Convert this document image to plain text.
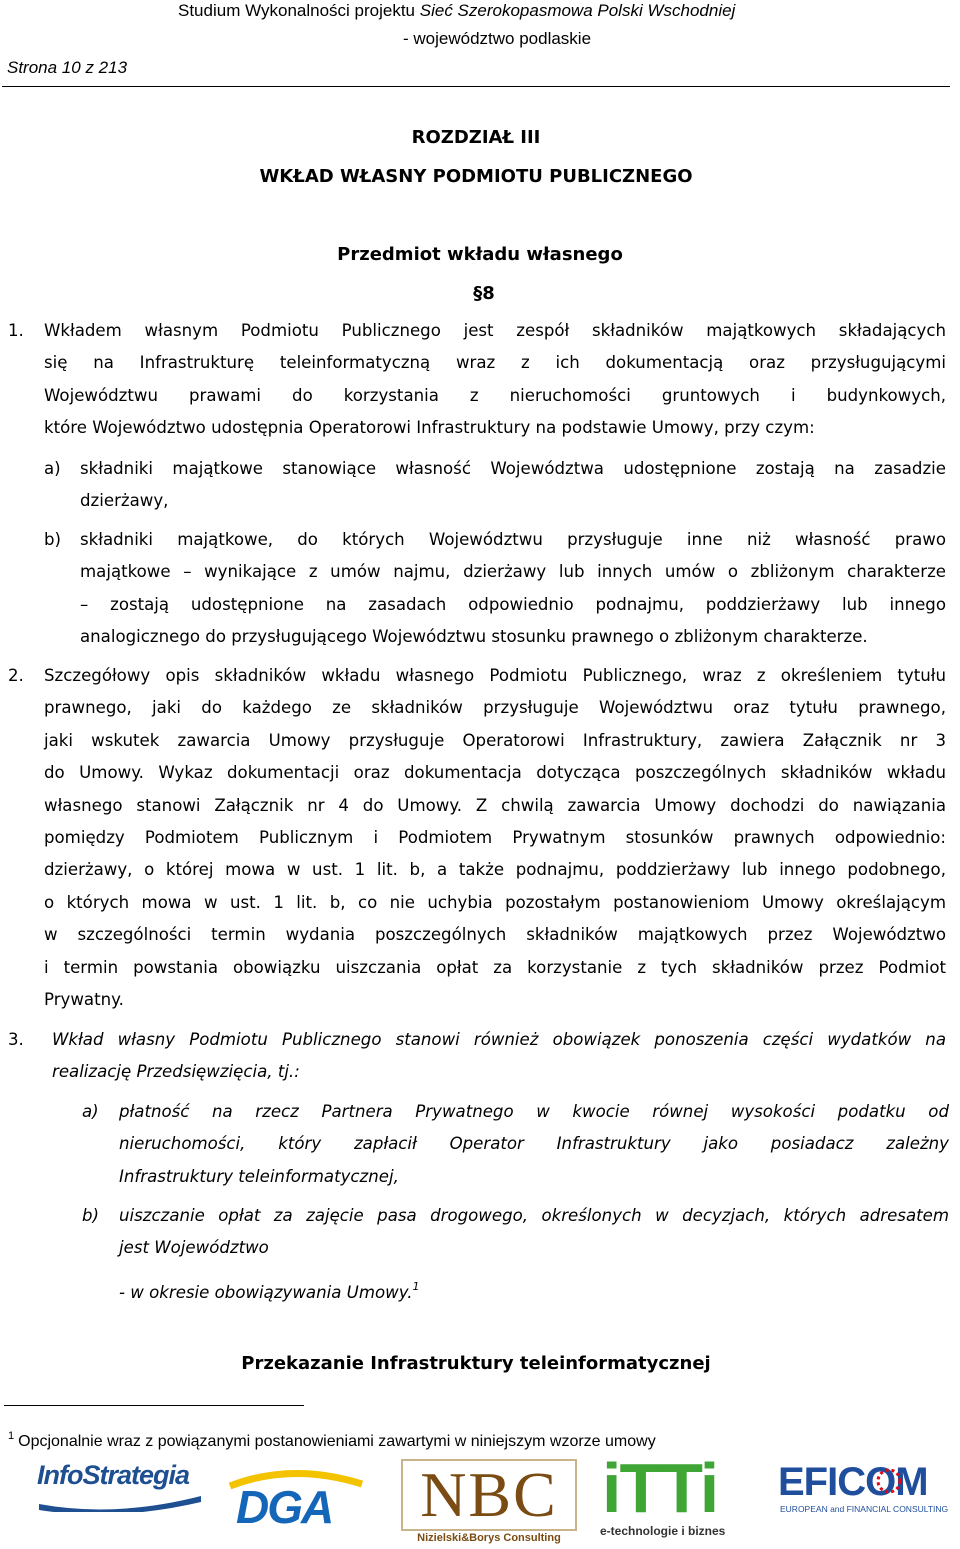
Studium Wykonalności projektu Sieć Szerokopasmowa Polski Wschodniej
- województwo podlaskie
Strona 10 z 213
ROZDZIAŁ III
WKŁAD WŁASNY PODMIOTU PUBLICZNEGO
Przedmiot wkładu własnego
§8
1. Wkładem własnym Podmiotu Publicznego jest zespół składników majątkowych składających
się na Infrastrukturę teleinformatyczną wraz z ich dokumentacją oraz przysługującymi
Województwu prawami do korzystania z nieruchomości gruntowych i budynkowych,
które Województwo udostępnia Operatorowi Infrastruktury na podstawie Umowy, przy czym:
a) składniki majątkowe stanowiące własność Województwa udostępnione zostają na zasadzie
dzierżawy,
b) składniki majątkowe, do których Województwu przysługuje inne niż własność prawo
majątkowe – wynikające z umów najmu, dzierżawy lub innych umów o zbliżonym charakterze
– zostają udostępnione na zasadach odpowiednio podnajmu, poddzierżawy lub innego
analogicznego do przysługującego Województwu stosunku prawnego o zbliżonym charakterze.
2. Szczegółowy opis składników wkładu własnego Podmiotu Publicznego, wraz z określeniem tytułu
prawnego, jaki do każdego ze składników przysługuje Województwu oraz tytułu prawnego,
jaki wskutek zawarcia Umowy przysługuje Operatorowi Infrastruktury, zawiera Załącznik nr 3
do Umowy. Wykaz dokumentacji oraz dokumentacja dotycząca poszczególnych składników wkładu
własnego stanowi Załącznik nr 4 do Umowy. Z chwilą zawarcia Umowy dochodzi do nawiązania
pomiędzy Podmiotem Publicznym i Podmiotem Prywatnym stosunków prawnych odpowiednio:
dzierżawy, o której mowa w ust. 1 lit. b, a także podnajmu, poddzierżawy lub innego podobnego,
o których mowa w ust. 1 lit. b, co nie uchybia pozostałym postanowieniom Umowy określającym
w szczególności termin wydania poszczególnych składników majątkowych przez Województwo
i termin powstania obowiązku uiszczania opłat za korzystanie z tych składników przez Podmiot
Prywatny.
3. Wkład własny Podmiotu Publicznego stanowi również obowiązek ponoszenia części wydatków na
realizację Przedsięwzięcia, tj.:
a) płatność na rzecz Partnera Prywatnego w kwocie równej wysokości podatku od
nieruchomości, który zapłacił Operator Infrastruktury jako posiadacz zależny
Infrastruktury teleinformatycznej,
b) uiszczanie opłat za zajęcie pasa drogowego, określonych w decyzjach, których adresatem
jest Województwo
- w okresie obowiązywania Umowy.$^1$
Przekazanie Infrastruktury teleinformatycznej
$^1$ Opcjonalnie wraz z powiązanymi postanowieniami zawartymi w niniejszym wzorze umowy
InfoStrategia
DGA	NBC
Nizielski&Borys Consulting
iTTi
e-technologie i biznes
EFICOM
EUROPEAN and FINANCIAL CONSULTING
